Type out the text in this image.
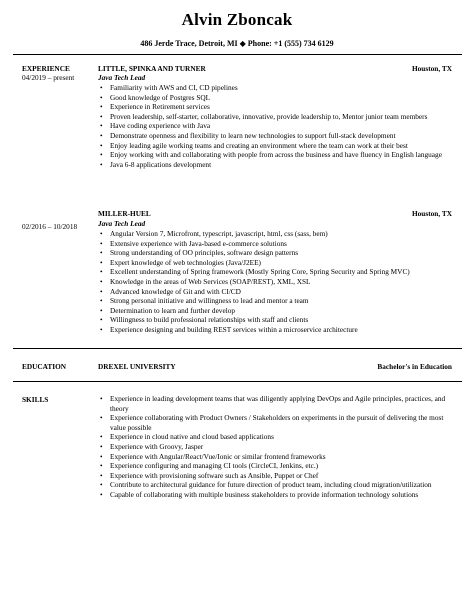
Alvin Zboncak
486 Jerde Trace, Detroit, MI ◆ Phone: +1 (555) 734 6129
EXPERIENCE
04/2019 – present
LITTLE, SPINKA AND TURNER	Houston, TX
Java Tech Lead
• Familiarity with AWS and CI, CD pipelines
• Good knowledge of Postgres SQL
• Experience in Retirement services
• Proven leadership, self-starter, collaborative, innovative, provide leadership to, Mentor junior team members
• Have coding experience with Java
• Demonstrate openness and flexibility to learn new technologies to support full-stack development
• Enjoy leading agile working teams and creating an environment where the team can work at their best
• Enjoy working with and collaborating with people from across the business and have fluency in English language
• Java 6-8 applications development
02/2016 – 10/2018
MILLER-HUEL	Houston, TX
Java Tech Lead
• Angular Version 7, Microfront, typescript, javascript, html, css (sass, bem)
• Extensive experience with Java-based e-commerce solutions
• Strong understanding of OO principles, software design patterns
• Expert knowledge of web technologies (Java/J2EE)
• Excellent understanding of Spring framework (Mostly Spring Core, Spring Security and Spring MVC)
• Knowledge in the areas of Web Services (SOAP/REST), XML, XSL
• Advanced knowledge of Git and with CI/CD
• Strong personal initiative and willingness to lead and mentor a team
• Determination to learn and further develop
• Willingness to build professional relationships with staff and clients
• Experience designing and building REST services within a microservice architecture
EDUCATION	DREXEL UNIVERSITY	Bachelor's in Education
SKILLS
•	Experience in leading development teams that was diligently applying DevOps and Agile principles, practices, and theory
• Experience collaborating with Product Owners / Stakeholders on experiments in the pursuit of delivering the most value possible
• Experience in cloud native and cloud based applications
• Experience with Groovy, Jasper
• Experience with Angular/React/Vue/Ionic or similar frontend frameworks
• Experience configuring and managing CI tools (CircleCI, Jenkins, etc.)
• Experience with provisioning software such as Ansible, Puppet or Chef
• Contribute to architectural guidance for future direction of product team, including cloud migration/utilization
• Capable of collaborating with multiple business stakeholders to provide information technology solutions
